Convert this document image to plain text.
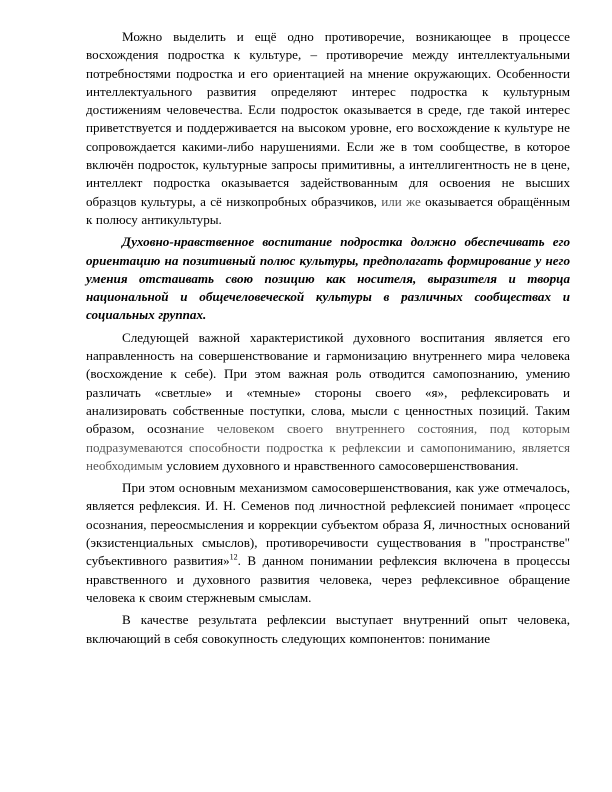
Можно выделить и ещё одно противоречие, возникающее в процессе восхождения подростка к культуре, – противоречие между интеллектуальными потребностями подростка и его ориентацией на мнение окружающих. Особенности интеллектуального развития определяют интерес подростка к культурным достижениям человечества. Если подросток оказывается в среде, где такой интерес приветствуется и поддерживается на высоком уровне, его восхождение к культуре не сопровождается какими-либо нарушениями. Если же в том сообществе, в которое включён подросток, культурные запросы примитивны, а интеллигентность не в цене, интеллект подростка оказывается задействованным для освоения не высших образцов культуры, а сё низкопробных образчиков, или же оказывается обращённым к полюсу антикультуры.

Духовно-нравственное воспитание подростка должно обеспечивать его ориентацию на позитивный полюс культуры, предполагать формирование у него умения отстаивать свою позицию как носителя, выразителя и творца национальной и общечеловеческой культуры в различных сообществах и социальных группах.

Следующей важной характеристикой духовного воспитания является его направленность на совершенствование и гармонизацию внутреннего мира человека (восхождение к себе). При этом важная роль отводится самопознанию, умению различать «светлые» и «темные» стороны своего «я», рефлексировать и анализировать собственные поступки, слова, мысли с ценностных позиций. Таким образом, осознание человеком своего внутреннего состояния, под которым подразумеваются способности подростка к рефлексии и самопониманию, является необходимым условием духовного и нравственного самосовершенствования.

При этом основным механизмом самосовершенствования, как уже отмечалось, является рефлексия. И. Н. Семенов под личностной рефлексией понимает «процесс осознания, переосмысления и коррекции субъектом образа Я, личностных оснований (экзистенциальных смыслов), противоречивости существования в "пространстве" субъективного развития»$^{12}$. В данном понимании рефлексия включена в процессы нравственного и духовного развития человека, через рефлексивное обращение человека к своим стержневым смыслам.

В качестве результата рефлексии выступает внутренний опыт человека, включающий в себя совокупность следующих компонентов: понимание
